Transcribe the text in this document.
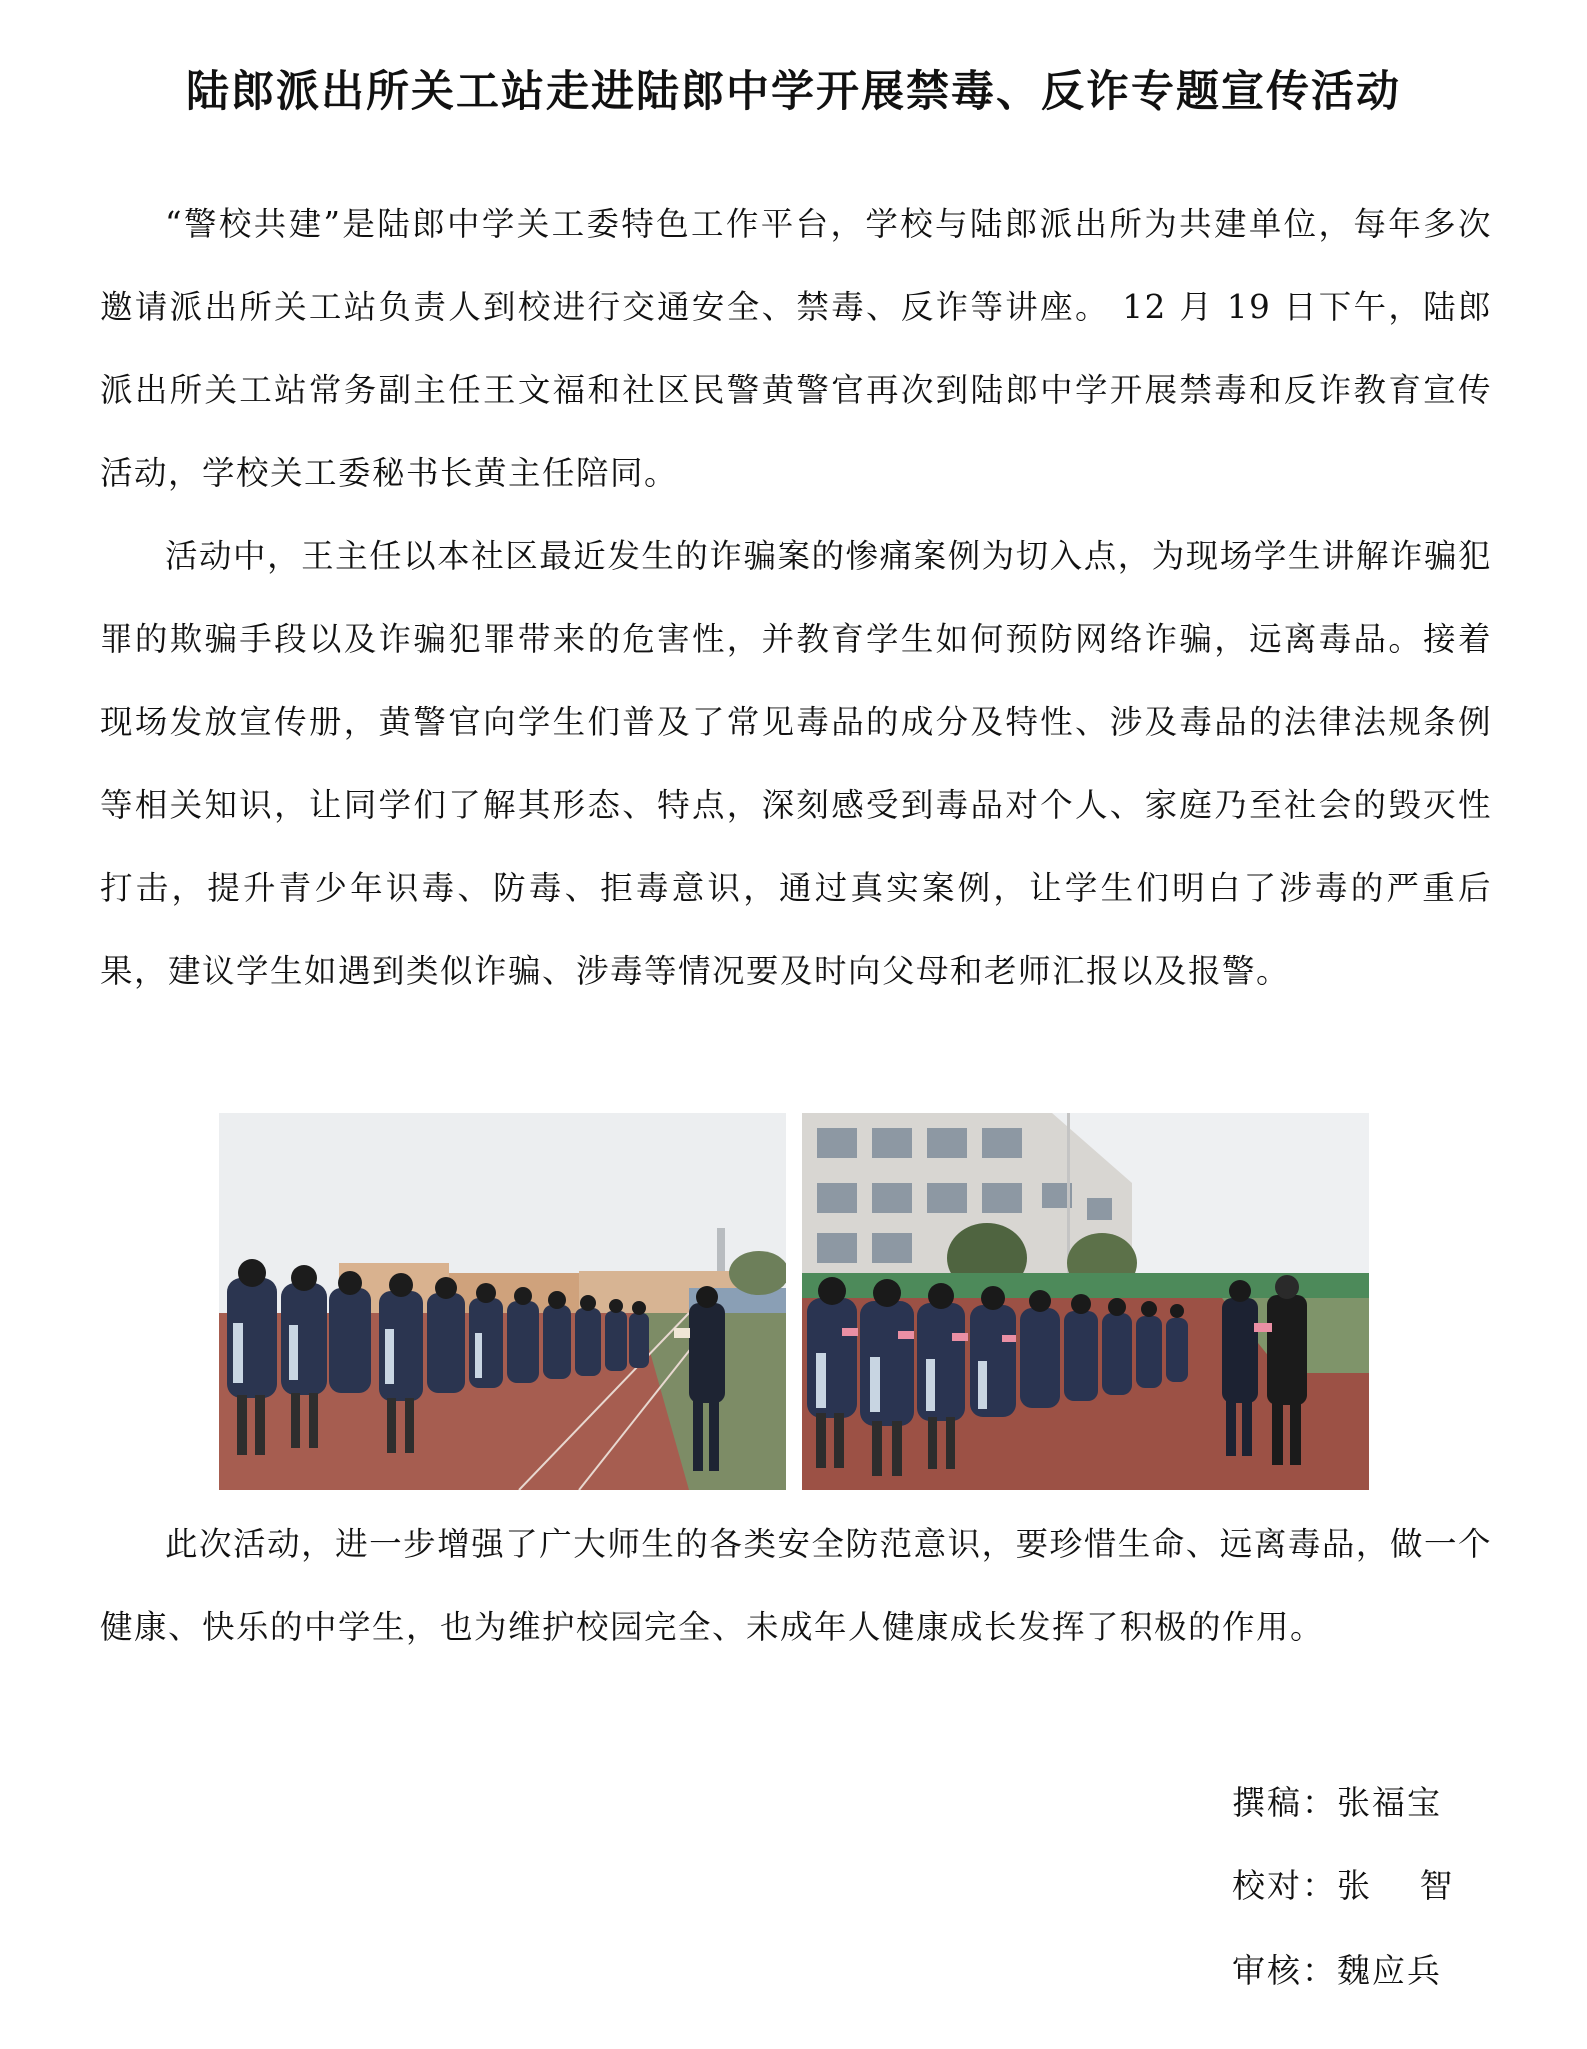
陆郎派出所关工站走进陆郎中学开展禁毒、反诈专题宣传活动

“警校共建”是陆郎中学关工委特色工作平台，学校与陆郎派出所为共建单位，每年多次邀请派出所关工站负责人到校进行交通安全、禁毒、反诈等讲座。 12 月 19 日下午，陆郎派出所关工站常务副主任王文福和社区民警黄警官再次到陆郎中学开展禁毒和反诈教育宣传活动，学校关工委秘书长黄主任陪同。

活动中，王主任以本社区最近发生的诈骗案的惨痛案例为切入点，为现场学生讲解诈骗犯罪的欺骗手段以及诈骗犯罪带来的危害性，并教育学生如何预防网络诈骗，远离毒品。接着现场发放宣传册，黄警官向学生们普及了常见毒品的成分及特性、涉及毒品的法律法规条例等相关知识，让同学们了解其形态、特点，深刻感受到毒品对个人、家庭乃至社会的毁灭性打击，提升青少年识毒、防毒、拒毒意识，通过真实案例，让学生们明白了涉毒的严重后果，建议学生如遇到类似诈骗、涉毒等情况要及时向父母和老师汇报以及报警。

此次活动，进一步增强了广大师生的各类安全防范意识，要珍惜生命、远离毒品，做一个健康、快乐的中学生，也为维护校园完全、未成年人健康成长发挥了积极的作用。

撰稿：张福宝

校对：张　 智

审核：魏应兵
